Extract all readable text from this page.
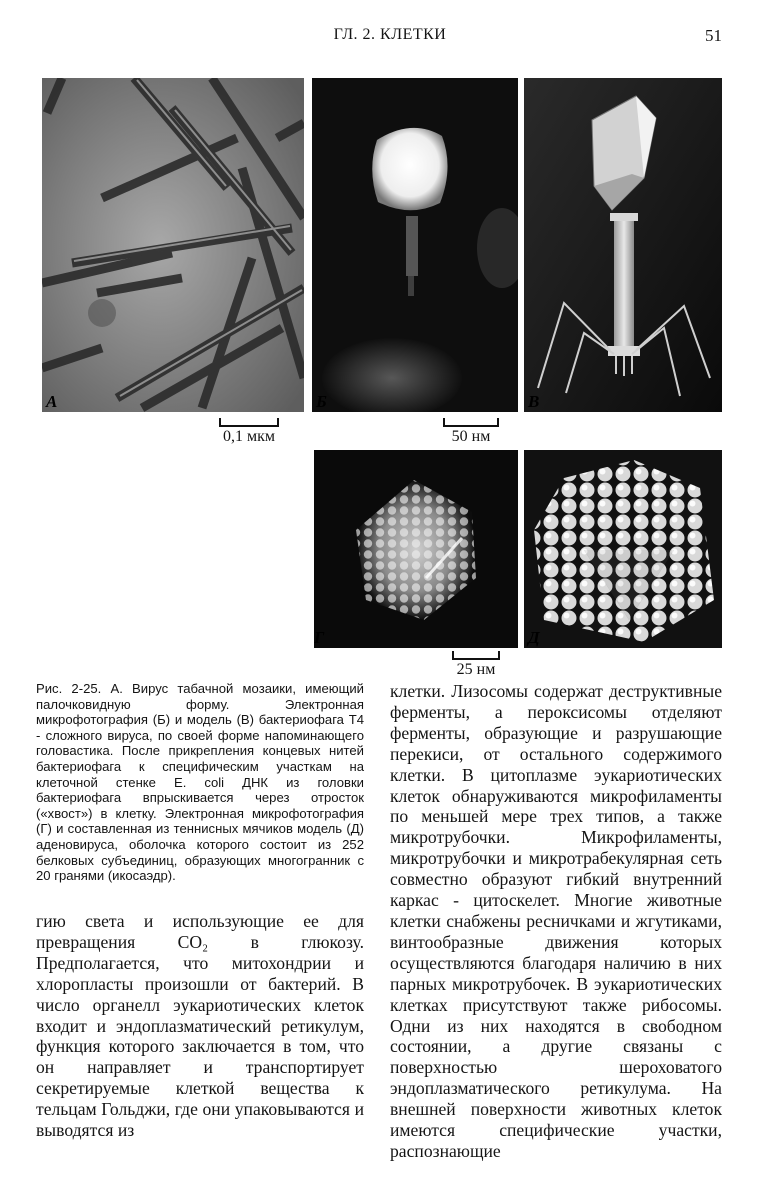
ГЛ. 2. КЛЕТКИ	51
А	Б	В
0,1 мкм	50 нм
Г	Д
25 нм

Рис. 2-25. А. Вирус табачной мозаики, имеющий палочковидную форму. Электронная микрофотография (Б) и модель (В) бактериофага Т4 - сложного вируса, по своей форме напоминающего головастика. После прикрепления концевых нитей бактериофага к специфическим участкам на клеточной стенке E. coli ДНК из головки бактериофага впрыскивается через отросток («хвост») в клетку. Электронная микрофотография (Г) и составленная из теннисных мячиков модель (Д) аденовируса, оболочка которого состоит из 252 белковых субъединиц, образующих многогранник с 20 гранями (икосаэдр).

гию света и использующие ее для превращения CO₂ в глюкозу. Предполагается, что митохондрии и хлоропласты произошли от бактерий. В число органелл эукариотических клеток входит и эндоплазматический ретикулум, функция которого заключается в том, что он направляет и транспортирует секретируемые клеткой вещества к тельцам Гольджи, где они упаковываются и выводятся из

клетки. Лизосомы содержат деструктивные ферменты, а пероксисомы отделяют ферменты, образующие и разрушающие перекиси, от остального содержимого клетки. В цитоплазме эукариотических клеток обнаруживаются микрофиламенты по меньшей мере трех типов, а также микротрубочки. Микрофиламенты, микротрубочки и микротрабекулярная сеть совместно образуют гибкий внутренний каркас - цитоскелет. Многие животные клетки снабжены ресничками и жгутиками, винтообразные движения которых осуществляются благодаря наличию в них парных микротрубочек. В эукариотических клетках присутствуют также рибосомы. Одни из них находятся в свободном состоянии, а другие связаны с поверхностью шероховатого эндоплазматического ретикулума. На внешней поверхности животных клеток имеются специфические участки, распознающие
